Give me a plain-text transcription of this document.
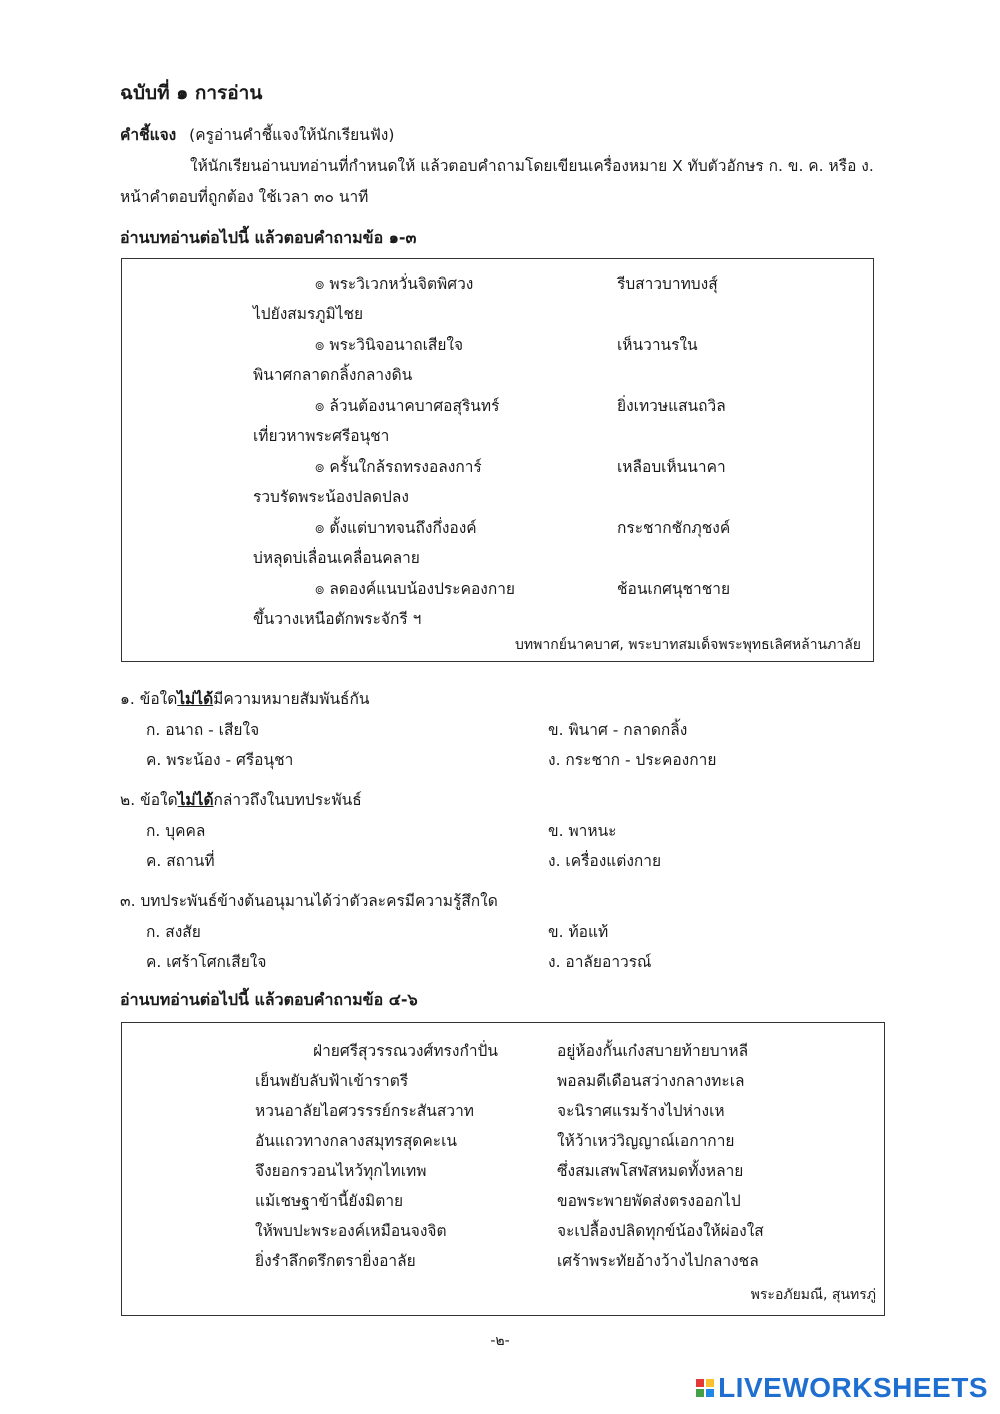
ฉบับที่ ๑ การอ่าน
คำชี้แจง (ครูอ่านคำชี้แจงให้นักเรียนฟัง)
ให้นักเรียนอ่านบทอ่านที่กำหนดให้ แล้วตอบคำถามโดยเขียนเครื่องหมาย X ทับตัวอักษร ก. ข. ค. หรือ ง.
หน้าคำตอบที่ถูกต้อง ใช้เวลา ๓๐ นาที
อ่านบทอ่านต่อไปนี้ แล้วตอบคำถามข้อ ๑-๓
๏ พระวิเวกหวั่นจิตพิศวง	รีบสาวบาทบงสุ์
ไปยังสมรภูมิไชย
๏ พระวินิจอนาถเสียใจ	เห็นวานรใน
พินาศกลาดกลิ้งกลางดิน
๏ ล้วนต้องนาคบาศอสุรินทร์	ยิ่งเทวษแสนถวิล
เที่ยวหาพระศรีอนุชา
๏ ครั้นใกล้รถทรงอลงการ์	เหลือบเห็นนาคา
รวบรัดพระน้องปลดปลง
๏ ตั้งแต่บาทจนถึงกึ่งองค์	กระชากชักภุชงค์
บ่หลุดบ่เลื่อนเคลื่อนคลาย
๏ ลดองค์แนบน้องประคองกาย	ช้อนเกศนุชาชาย
ขึ้นวางเหนือตักพระจักรี ฯ
บทพากย์นาคบาศ, พระบาทสมเด็จพระพุทธเลิศหล้านภาลัย
๑. ข้อใดไม่ได้มีความหมายสัมพันธ์กัน
ก. อนาถ - เสียใจ	ข. พินาศ - กลาดกลิ้ง
ค. พระน้อง - ศรีอนุชา	ง. กระชาก - ประคองกาย
๒. ข้อใดไม่ได้กล่าวถึงในบทประพันธ์
ก. บุคคล	ข. พาหนะ
ค. สถานที่	ง. เครื่องแต่งกาย
๓. บทประพันธ์ข้างต้นอนุมานได้ว่าตัวละครมีความรู้สึกใด
ก. สงสัย	ข. ท้อแท้
ค. เศร้าโศกเสียใจ	ง. อาลัยอาวรณ์
อ่านบทอ่านต่อไปนี้ แล้วตอบคำถามข้อ ๔-๖
ฝ่ายศรีสุวรรณวงศ์ทรงกำปั่น	อยู่ห้องกั้นเก๋งสบายท้ายบาหลี
เย็นพยับลับฟ้าเข้าราตรี	พอลมดีเดือนสว่างกลางทะเล
หวนอาลัยไอศวรรรย์กระสันสวาท	จะนิราศแรมร้างไปห่างเห
อันแถวทางกลางสมุทรสุดคะเน	ให้ว้าเหว่วิญญาณ์เอกากาย
จึงยอกรวอนไหว้ทุกไทเทพ	ซึ่งสมเสพโสฬสหมดทั้งหลาย
แม้เชษฐาข้านี้ยังมิตาย	ขอพระพายพัดส่งตรงออกไป
ให้พบปะพระองค์เหมือนจงจิต	จะเปลื้องปลิดทุกข์น้องให้ผ่องใส
ยิ่งรำลึกตรึกตรายิ่งอาลัย	เศร้าพระทัยอ้างว้างไปกลางชล
พระอภัยมณี, สุนทรภู่
-๒-
LIVEWORKSHEETS
